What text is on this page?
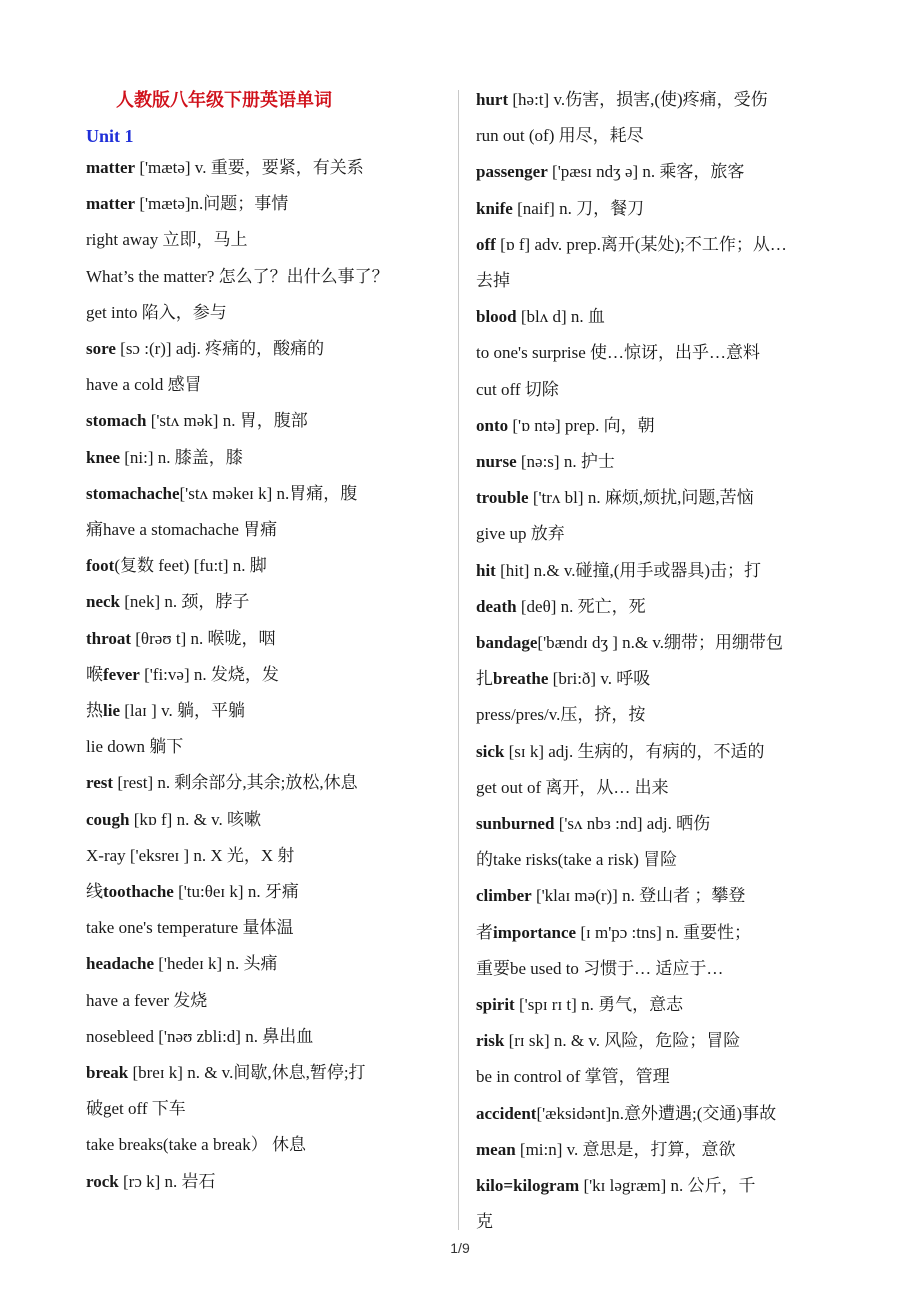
人教版八年级下册英语单词
Unit 1
matter ['mætə] v. 重要，要紧，有关系
matter ['mætə]n.问题；事情
right away 立即，马上
What’s the matter? 怎么了？出什么事了？
get into 陷入，参与
sore [sɔ :(r)] adj. 疼痛的，酸痛的
have a cold 感冒
stomach ['stʌ mək] n. 胃，腹部
knee [ni:] n. 膝盖，膝
stomachache['stʌ məkeɪ k] n.胃痛，腹
痛have a stomachache 胃痛
foot(复数 feet) [fu:t] n. 脚
neck [nek] n. 颈，脖子
throat [θrəʊ t] n. 喉咙，咽
喉fever ['fi:və] n. 发烧，发
热lie [laɪ ] v. 躺，平躺
lie down 躺下
rest [rest] n. 剩余部分,其余;放松,休息
cough [kɒ f] n. & v. 咳嗽
X-ray ['eksreɪ ] n. X 光，X 射
线toothache ['tu:θeɪ k] n. 牙痛
take one's temperature 量体温
headache ['hedeɪ k] n. 头痛
have a fever 发烧
nosebleed ['nəʊ zbli:d] n. 鼻出血
break [breɪ k] n. & v.间歇,休息,暂停;打
破get off 下车
take breaks(take a break） 休息
rock [rɔ k] n. 岩石
hurt [hə:t] v.伤害，损害,(使)疼痛，受伤
run out (of) 用尽，耗尽
passenger ['pæsɪ ndʒ ə] n. 乘客，旅客
knife [naif] n. 刀，餐刀
off [ɒ f] adv. prep.离开(某处);不工作；从…
去掉
blood [blʌ d] n. 血
to one's surprise 使…惊讶，出乎…意料
cut off 切除
onto ['ɒ ntə] prep. 向，朝
nurse [nə:s] n. 护士
trouble ['trʌ bl] n. 麻烦,烦扰,问题,苦恼
give up 放弃
hit [hit] n.& v.碰撞,(用手或器具)击；打
death [deθ] n. 死亡，死
bandage['bændɪ dʒ ] n.& v.绷带；用绷带包
扎breathe [bri:ð] v. 呼吸
press/pres/v.压，挤，按
sick [sɪ k] adj. 生病的，有病的，不适的
get out of 离开，从… 出来
sunburned ['sʌ nbɜ :nd] adj. 晒伤
的take risks(take a risk) 冒险
climber ['klaɪ mə(r)] n. 登山者 ；攀登
者importance [ɪ m'pɔ :tns] n. 重要性；
重要be used to 习惯于… 适应于…
spirit ['spɪ rɪ t] n. 勇气，意志
risk [rɪ sk] n. & v. 风险，危险；冒险
be in control of 掌管，管理
accident['æksidənt]n.意外遭遇;(交通)事故
mean [mi:n] v. 意思是，打算，意欲
kilo=kilogram ['kɪ ləgræm] n. 公斤，千
克
1/9
